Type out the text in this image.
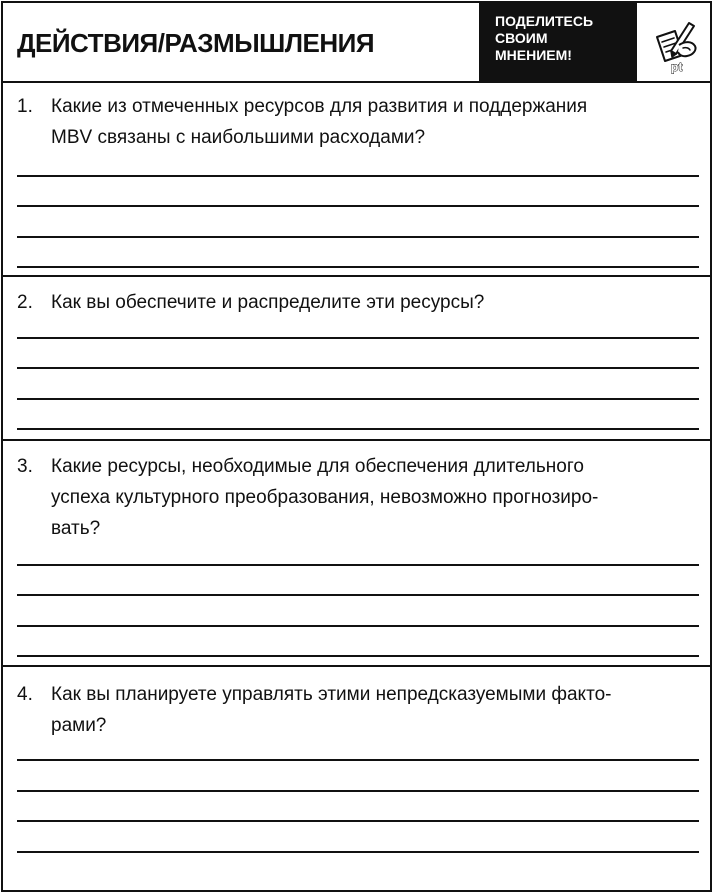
ДЕЙСТВИЯ/РАЗМЫШЛЕНИЯ
ПОДЕЛИТЕСЬ
СВОИМ
МНЕНИЕМ!
pt
1. Какие из отмеченных ресурсов для развития и поддержания
MBV связаны с наибольшими расходами?
2. Как вы обеспечите и распределите эти ресурсы?
3. Какие ресурсы, необходимые для обеспечения длительного
успеха культурного преобразования, невозможно прогнозиро-
вать?
4. Как вы планируете управлять этими непредсказуемыми факто-
рами?
